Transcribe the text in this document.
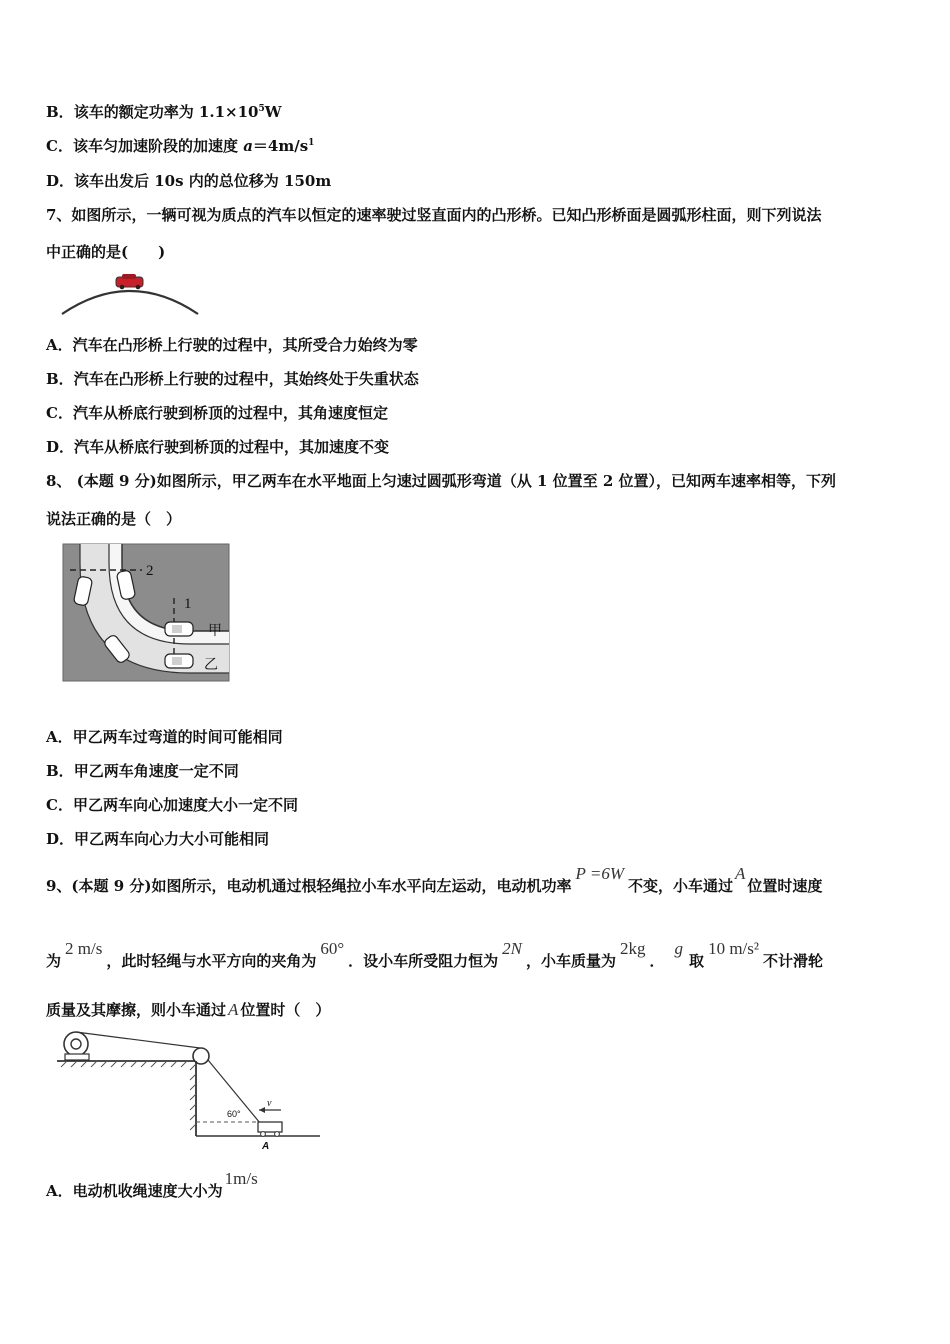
B．该车的额定功率为 $1.1\times 10^5W$
C．该车匀加速阶段的加速度 $a=4m/s^1$
D．该车出发后 10s 内的总位移为 150m
7、如图所示，一辆可视为质点的汽车以恒定的速率驶过竖直面内的凸形桥。已知凸形桥面是圆弧形柱面，则下列说法
中正确的是(　　)
A．汽车在凸形桥上行驶的过程中，其所受合力始终为零
B．汽车在凸形桥上行驶的过程中，其始终处于失重状态
C．汽车从桥底行驶到桥顶的过程中，其角速度恒定
D．汽车从桥底行驶到桥顶的过程中，其加速度不变
8、 (本题 9 分)如图所示，甲乙两车在水平地面上匀速过圆弧形弯道（从 1 位置至 2 位置），已知两车速率相等，下列
说法正确的是（　）
2
1
甲
乙
A．甲乙两车过弯道的时间可能相同
B．甲乙两车角速度一定不同
C．甲乙两车向心加速度大小一定不同
D．甲乙两车向心力大小可能相同
9、(本题 9 分)如图所示，电动机通过根轻绳拉小车水平向左运动，电动机功率P =6W不变，小车通过A位置时速度
为2 m/s，此时轻绳与水平方向的夹角为60°．设小车所受阻力恒为2N，小车质量为2kg．g取10 m/s²不计滑轮
质量及其摩擦，则小车通过 A 位置时（　）
60°
v
A
A．电动机收绳速度大小为1m/s
